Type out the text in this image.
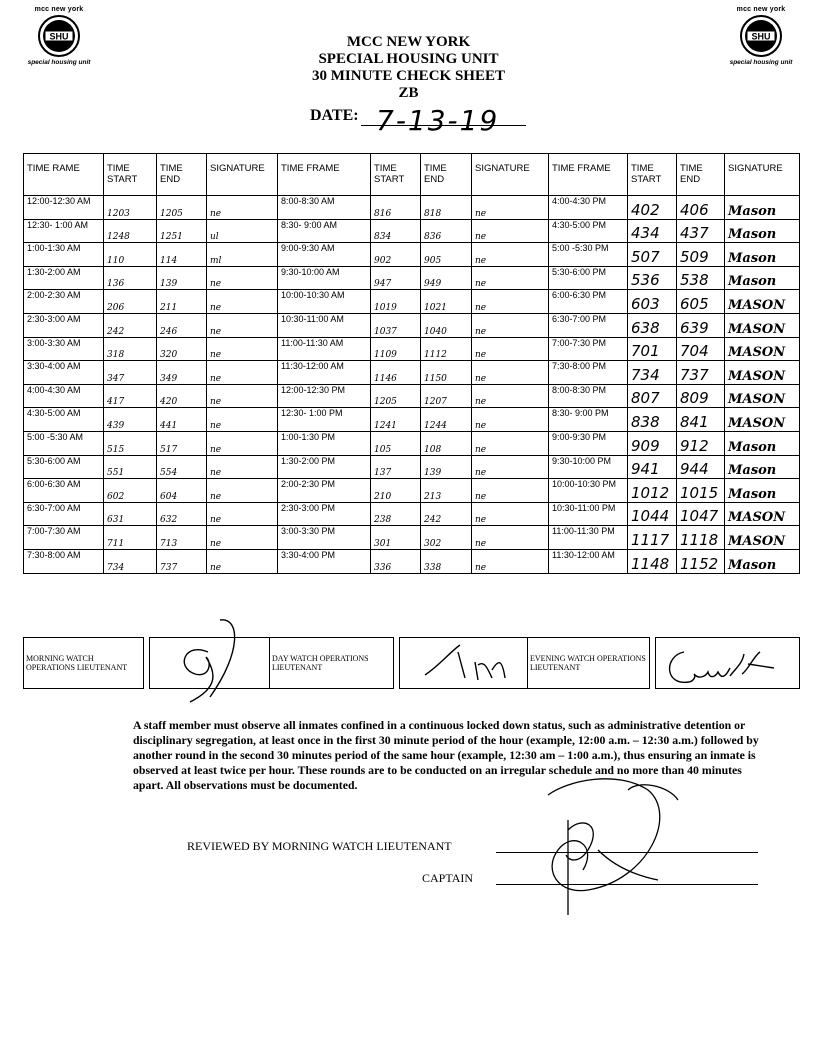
mcc new york
SHU
special housing unit
mcc new york
SHU
special housing unit
MCC NEW YORK
SPECIAL HOUSING UNIT
30 MINUTE CHECK SHEET
ZB
DATE: 7-13-19
TIME RAME	TIME START	TIME END	SIGNATURE	TIME FRAME	TIME START	TIME END	SIGNATURE	TIME FRAME	TIME START	TIME END	SIGNATURE
12:00-12:30 AM	1203	1205	ne	8:00-8:30 AM	816	818	ne	4:00-4:30 PM	402	406	Mason
12:30- 1:00 AM	1248	1251	ul	8:30- 9:00 AM	834	836	ne	4:30-5:00 PM	434	437	Mason
1:00-1:30 AM	110	114	ml	9:00-9:30 AM	902	905	ne	5:00 -5:30 PM	507	509	Mason
1:30-2:00 AM	136	139	ne	9:30-10:00 AM	947	949	ne	5:30-6:00 PM	536	538	Mason
2:00-2:30 AM	206	211	ne	10:00-10:30 AM	1019	1021	ne	6:00-6:30 PM	603	605	MASON
2:30-3:00 AM	242	246	ne	10:30-11:00 AM	1037	1040	ne	6:30-7:00 PM	638	639	MASON
3:00-3:30 AM	318	320	ne	11:00-11:30 AM	1109	1112	ne	7:00-7:30 PM	701	704	MASON
3:30-4:00 AM	347	349	ne	11:30-12:00 AM	1146	1150	ne	7:30-8:00 PM	734	737	MASON
4:00-4:30 AM	417	420	ne	12:00-12:30 PM	1205	1207	ne	8:00-8:30 PM	807	809	MASON
4:30-5:00 AM	439	441	ne	12:30- 1:00 PM	1241	1244	ne	8:30- 9:00 PM	838	841	MASON
5:00 -5:30 AM	515	517	ne	1:00-1:30 PM	105	108	ne	9:00-9:30 PM	909	912	Mason
5:30-6:00 AM	551	554	ne	1:30-2:00 PM	137	139	ne	9:30-10:00 PM	941	944	Mason
6:00-6:30 AM	602	604	ne	2:00-2:30 PM	210	213	ne	10:00-10:30 PM	1012	1015	Mason
6:30-7:00 AM	631	632	ne	2:30-3:00 PM	238	242	ne	10:30-11:00 PM	1044	1047	MASON
7:00-7:30 AM	711	713	ne	3:00-3:30 PM	301	302	ne	11:00-11:30 PM	1117	1118	MASON
7:30-8:00 AM	734	737	ne	3:30-4:00 PM	336	338	ne	11:30-12:00 AM	1148	1152	Mason
MORNING WATCH OPERATIONS LIEUTENANT			DAY WATCH OPERATIONS LIEUTENANT			EVENING WATCH OPERATIONS LIEUTENANT		
A staff member must observe all inmates confined in a continuous locked down status, such as administrative detention or disciplinary segregation, at least once in the first 30 minute period of the hour (example, 12:00 a.m. – 12:30 a.m.) followed by another round in the second 30 minutes period of the same hour (example, 12:30 am – 1:00 a.m.), thus ensuring an inmate is observed at least twice per hour. These rounds are to be conducted on an irregular schedule and no more than 40 minutes apart. All observations must be documented.
REVIEWED BY MORNING WATCH LIEUTENANT
CAPTAIN
